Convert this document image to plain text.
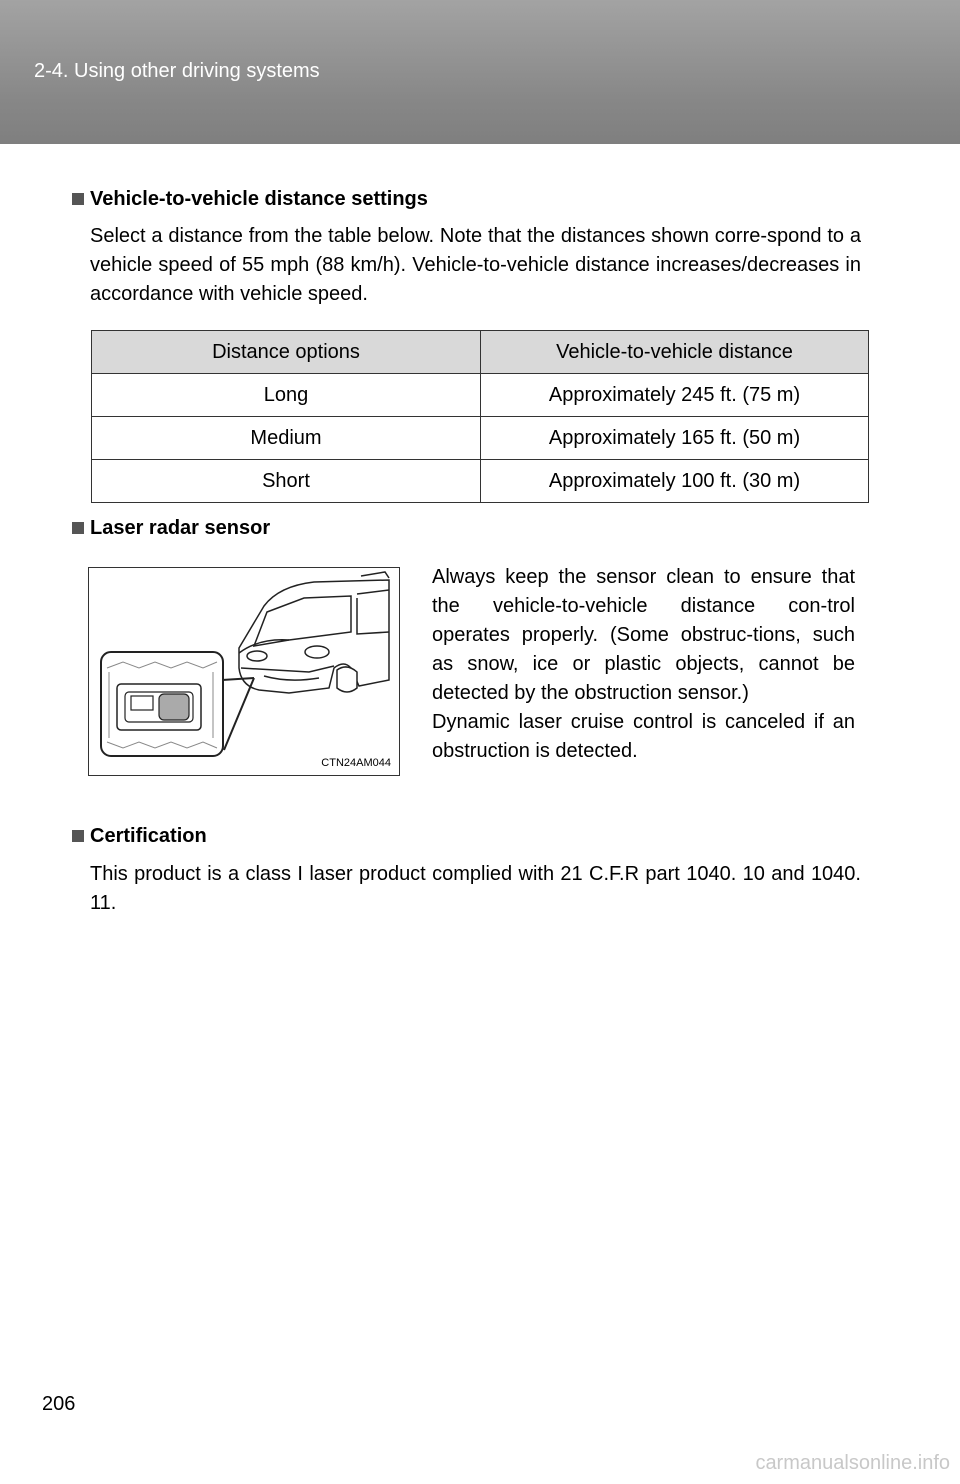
2-4. Using other driving systems
Vehicle-to-vehicle distance settings
Select a distance from the table below. Note that the distances shown corre-spond to a vehicle speed of 55 mph (88 km/h). Vehicle-to-vehicle distance increases/decreases in accordance with vehicle speed.
Distance options	Vehicle-to-vehicle distance
Long	Approximately 245 ft. (75 m)
Medium	Approximately 165 ft. (50 m)
Short	Approximately 100 ft. (30 m)
Laser radar sensor
CTN24AM044
Always keep the sensor clean to ensure that the vehicle-to-vehicle distance con-trol operates properly. (Some obstruc-tions, such as snow, ice or plastic objects, cannot be detected by the obstruction sensor.)
Dynamic laser cruise control is canceled if an obstruction is detected.
Certification
This product is a class I laser product complied with 21 C.F.R part 1040. 10 and 1040. 11.
206
carmanualsonline.info
